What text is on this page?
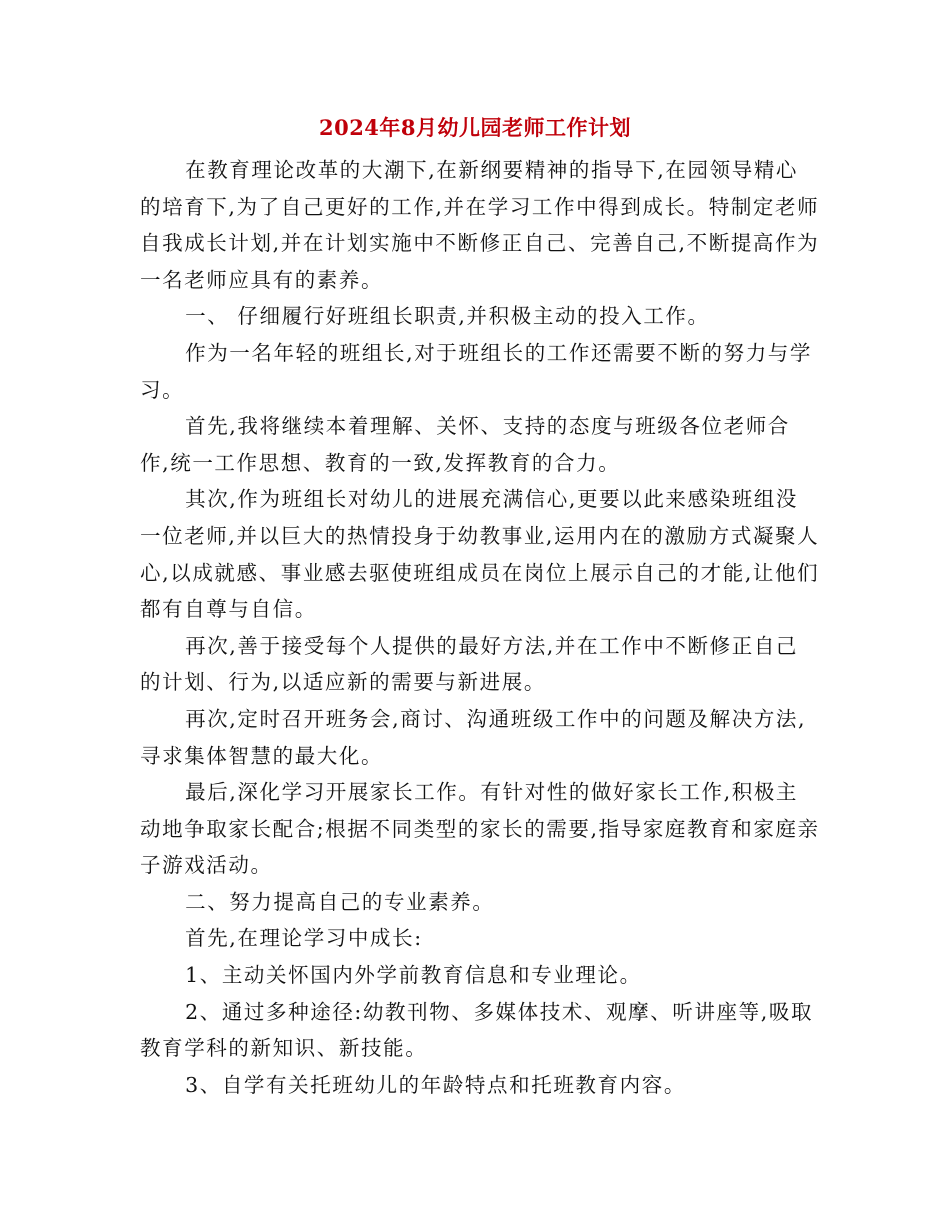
2024年8月幼儿园老师工作计划

在教育理论改革的大潮下,在新纲要精神的指导下,在园领导精心的培育下,为了自己更好的工作,并在学习工作中得到成长。特制定老师自我成长计划,并在计划实施中不断修正自己、完善自己,不断提高作为一名老师应具有的素养。

一、 仔细履行好班组长职责,并积极主动的投入工作。

作为一名年轻的班组长,对于班组长的工作还需要不断的努力与学习。

首先,我将继续本着理解、关怀、支持的态度与班级各位老师合作,统一工作思想、教育的一致,发挥教育的合力。

其次,作为班组长对幼儿的进展充满信心,更要以此来感染班组没一位老师,并以巨大的热情投身于幼教事业,运用内在的激励方式凝聚人心,以成就感、事业感去驱使班组成员在岗位上展示自己的才能,让他们都有自尊与自信。

再次,善于接受每个人提供的最好方法,并在工作中不断修正自己的计划、行为,以适应新的需要与新进展。

再次,定时召开班务会,商讨、沟通班级工作中的问题及解决方法,寻求集体智慧的最大化。

最后,深化学习开展家长工作。有针对性的做好家长工作,积极主动地争取家长配合;根据不同类型的家长的需要,指导家庭教育和家庭亲子游戏活动。

二、努力提高自己的专业素养。

首先,在理论学习中成长:

1、主动关怀国内外学前教育信息和专业理论。

2、通过多种途径:幼教刊物、多媒体技术、观摩、听讲座等,吸取教育学科的新知识、新技能。

3、自学有关托班幼儿的年龄特点和托班教育内容。
